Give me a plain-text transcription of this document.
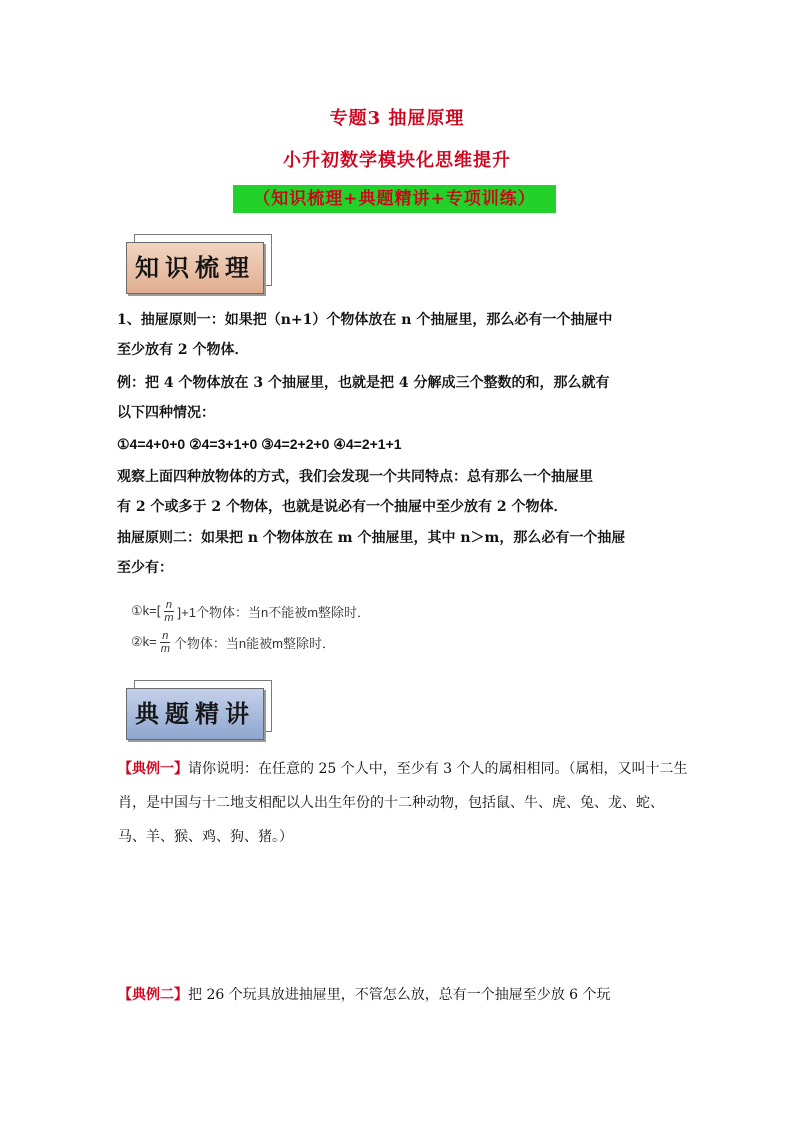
专题3 抽屉原理
小升初数学模块化思维提升
（知识梳理+典题精讲+专项训练）
知识梳理

1、抽屉原则一：如果把（n+1）个物体放在 n 个抽屉里，那么必有一个抽屉中
至少放有 2 个物体．

例：把 4 个物体放在 3 个抽屉里，也就是把 4 分解成三个整数的和，那么就有
以下四种情况：

①4=4+0+0 ②4=3+1+0 ③4=2+2+0 ④4=2+1+1

观察上面四种放物体的方式，我们会发现一个共同特点：总有那么一个抽屉里
有 2 个或多于 2 个物体，也就是说必有一个抽屉中至少放有 2 个物体．

抽屉原则二：如果把 n 个物体放在 m 个抽屉里，其中 n＞m，那么必有一个抽屉
至少有：

①k=[ $\frac{n}{m} ]+1$个物体：当n不能被m整除时．
②k= $\frac{n}{m}$ 个物体：当n能被m整除时．
典题精讲

【典例一】请你说明：在任意的 25 个人中，至少有 3 个人的属相相同。（属相，又叫十二生肖，是中国与十二地支相配以人出生年份的十二种动物，包括鼠、牛、虎、兔、龙、蛇、马、羊、猴、鸡、狗、猪。）

【典例二】把 26 个玩具放进抽屉里，不管怎么放，总有一个抽屉至少放 6 个玩
